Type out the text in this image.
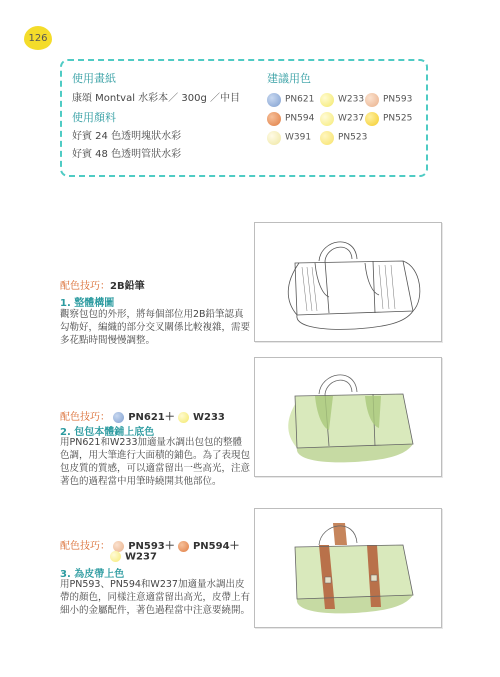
126
使用畫紙
康頌 Montval 水彩本／ 300g ／中目
使用顏料
好賓 24 色透明塊狀水彩
好賓 48 色透明管狀水彩
建議用色
PN621	W233	PN593
PN594	W237	PN525
W391	PN523
配色技巧：2B鉛筆
1. 整體構圖
觀察包包的外形，將每個部位用2B鉛筆認真勾勒好，編織的部分交叉關係比較複雜，需要多花點時間慢慢調整。
配色技巧： PN621＋ W233
2. 包包本體鋪上底色
用PN621和W233加適量水調出包包的整體色調，用大筆進行大面積的鋪色。為了表現包包皮質的質感，可以適當留出一些高光，注意著色的過程當中用筆時繞開其他部位。
配色技巧： PN593＋ PN594＋
W237
3. 為皮帶上色
用PN593、PN594和W237加適量水調出皮帶的顏色，同樣注意適當留出高光，皮帶上有細小的金屬配件，著色過程當中注意要繞開。
